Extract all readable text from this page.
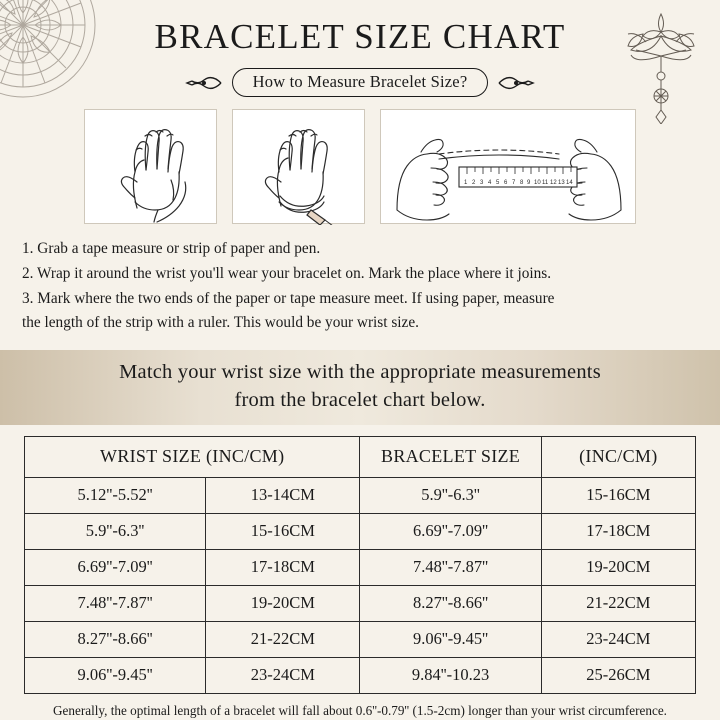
BRACELET SIZE CHART
How to Measure Bracelet Size?
1 2 3 4 5 6 7 8 9 10 11 12 13 14
1. Grab a tape measure or strip of paper and pen.
2. Wrap it around the wrist you'll wear your bracelet on. Mark the place where it joins.
3. Mark where the two ends of the paper or tape measure meet. If using paper, measure
the length of the strip with a ruler. This would be your wrist size.
Match your wrist size with the appropriate measurements
from the bracelet chart below.
WRIST SIZE (INC/CM)		BRACELET SIZE	(INC/CM)
5.12''-5.52''	13-14CM	5.9''-6.3''	15-16CM
5.9''-6.3''	15-16CM	6.69''-7.09''	17-18CM
6.69''-7.09''	17-18CM	7.48''-7.87''	19-20CM
7.48''-7.87''	19-20CM	8.27''-8.66''	21-22CM
8.27''-8.66''	21-22CM	9.06''-9.45''	23-24CM
9.06''-9.45''	23-24CM	9.84''-10.23	25-26CM
Generally, the optimal length of a bracelet will fall about 0.6''-0.79'' (1.5-2cm) longer than your wrist circumference.
